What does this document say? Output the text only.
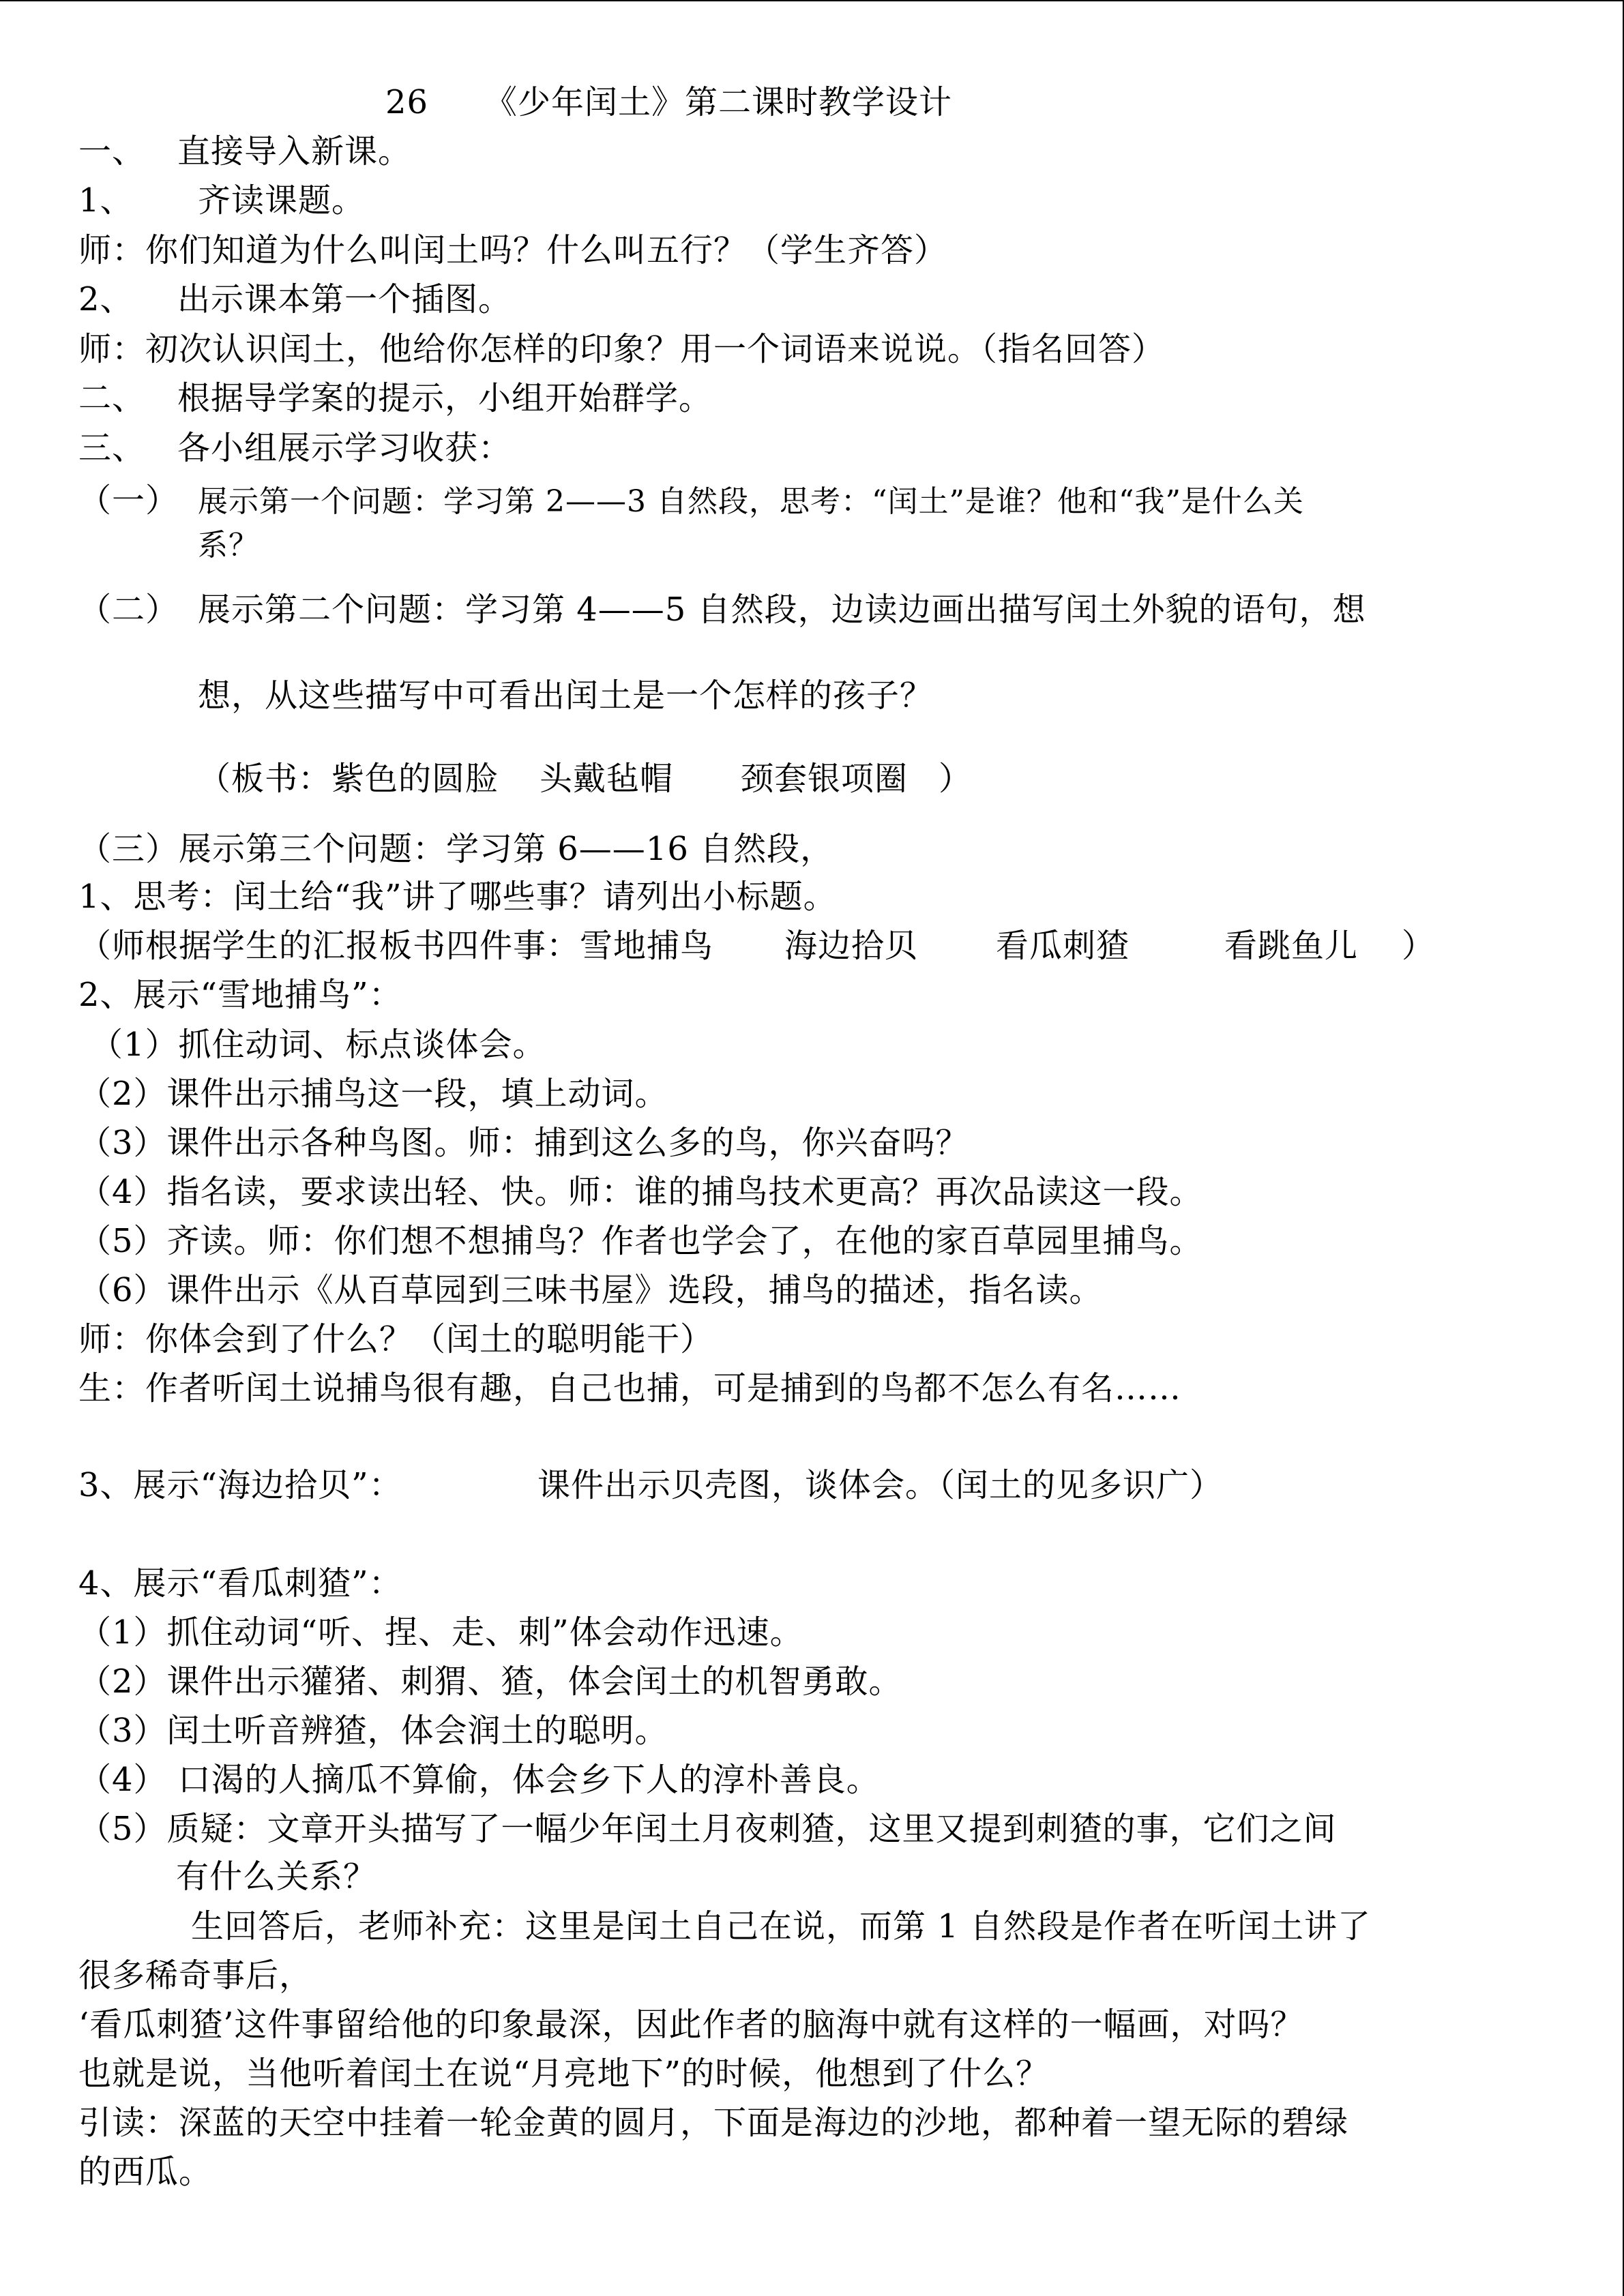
26 《少年闰土》第二课时教学设计
一、 直接导入新课。
1、 齐读课题。
师：你们知道为什么叫闰土吗？什么叫五行？（学生齐答）
2、 出示课本第一个插图。
师：初次认识闰土，他给你怎样的印象？用一个词语来说说。（指名回答）
二、 根据导学案的提示，小组开始群学。
三、 各小组展示学习收获：
（一） 展示第一个问题：学习第 2——3 自然段，思考：“闰土”是谁？他和“我”是什么关
系？
（二） 展示第二个问题：学习第 4——5 自然段，边读边画出描写闰土外貌的语句，想
想，从这些描写中可看出闰土是一个怎样的孩子？
（板书：紫色的圆脸 头戴毡帽 颈套银项圈 ）
（三）展示第三个问题：学习第 6——16 自然段，
1、思考：闰土给“我”讲了哪些事？请列出小标题。
（师根据学生的汇报板书四件事：雪地捕鸟 海边拾贝 看瓜刺猹	看跳鱼儿 ）
2、展示“雪地捕鸟”：
（1）抓住动词、标点谈体会。
（2）课件出示捕鸟这一段，填上动词。
（3）课件出示各种鸟图。师：捕到这么多的鸟，你兴奋吗？
（4）指名读，要求读出轻、快。师：谁的捕鸟技术更高？再次品读这一段。
（5）齐读。师：你们想不想捕鸟？作者也学会了，在他的家百草园里捕鸟。
（6）课件出示《从百草园到三味书屋》选段，捕鸟的描述，指名读。
师：你体会到了什么？（闰土的聪明能干）
生：作者听闰土说捕鸟很有趣，自己也捕，可是捕到的鸟都不怎么有名……
3、展示“海边拾贝”：	课件出示贝壳图，谈体会。（闰土的见多识广）
4、展示“看瓜刺猹”：
（1）抓住动词“听、捏、走、刺”体会动作迅速。
（2）课件出示獾猪、刺猬、猹，体会闰土的机智勇敢。
（3）闰土听音辨猹，体会润土的聪明。
（4） 口渴的人摘瓜不算偷，体会乡下人的淳朴善良。
（5）质疑：文章开头描写了一幅少年闰土月夜刺猹，这里又提到刺猹的事，它们之间
有什么关系？
生回答后，老师补充：这里是闰土自己在说，而第 1 自然段是作者在听闰土讲了
很多稀奇事后，
‘看瓜刺猹’这件事留给他的印象最深，因此作者的脑海中就有这样的一幅画，对吗？
也就是说，当他听着闰土在说“月亮地下”的时候，他想到了什么？
引读：深蓝的天空中挂着一轮金黄的圆月，下面是海边的沙地，都种着一望无际的碧绿
的西瓜。
